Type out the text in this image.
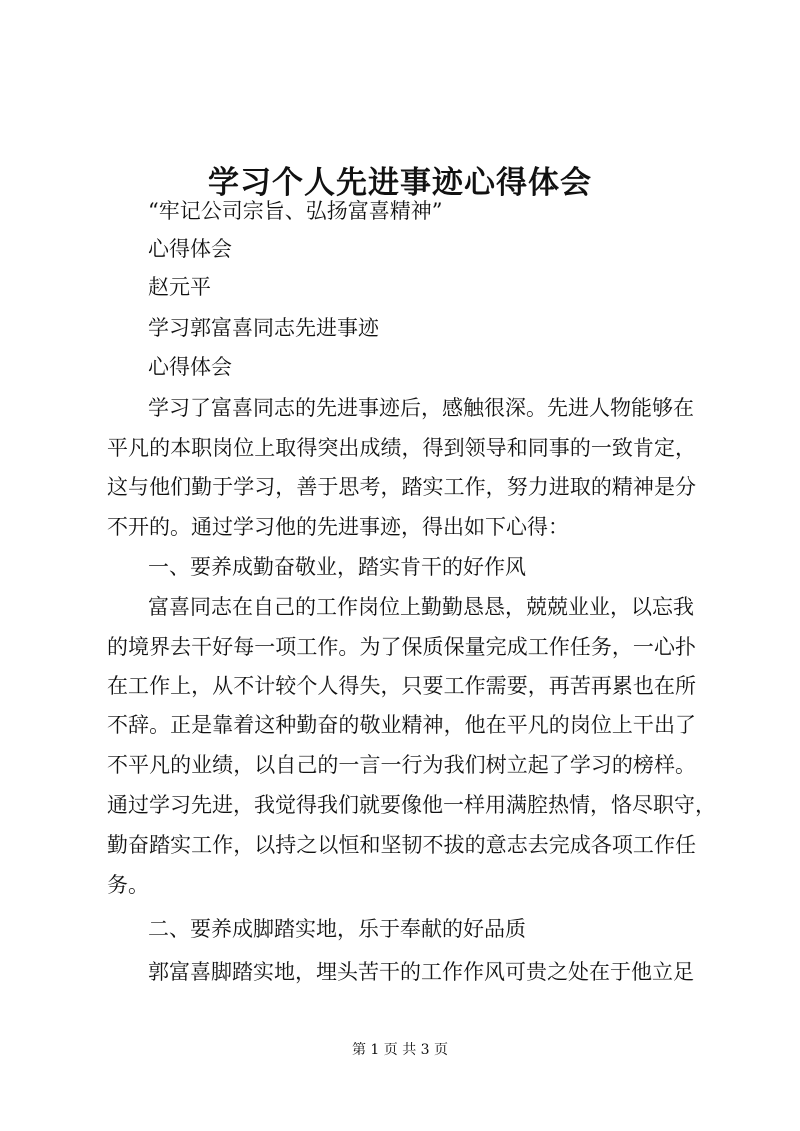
学习个人先进事迹心得体会

“牢记公司宗旨、弘扬富喜精神”

心得体会

赵元平

学习郭富喜同志先进事迹

心得体会

学习了富喜同志的先进事迹后，感触很深。先进人物能够在

平凡的本职岗位上取得突出成绩，得到领导和同事的一致肯定，

这与他们勤于学习，善于思考，踏实工作，努力进取的精神是分

不开的。通过学习他的先进事迹，得出如下心得：

一、要养成勤奋敬业，踏实肯干的好作风

富喜同志在自己的工作岗位上勤勤恳恳，兢兢业业，以忘我

的境界去干好每一项工作。为了保质保量完成工作任务，一心扑

在工作上，从不计较个人得失，只要工作需要，再苦再累也在所

不辞。正是靠着这种勤奋的敬业精神，他在平凡的岗位上干出了

不平凡的业绩，以自己的一言一行为我们树立起了学习的榜样。

通过学习先进，我觉得我们就要像他一样用满腔热情，恪尽职守，

勤奋踏实工作，以持之以恒和坚韧不拔的意志去完成各项工作任

务。

二、要养成脚踏实地，乐于奉献的好品质

郭富喜脚踏实地，埋头苦干的工作作风可贵之处在于他立足

第 1 页 共 3 页
